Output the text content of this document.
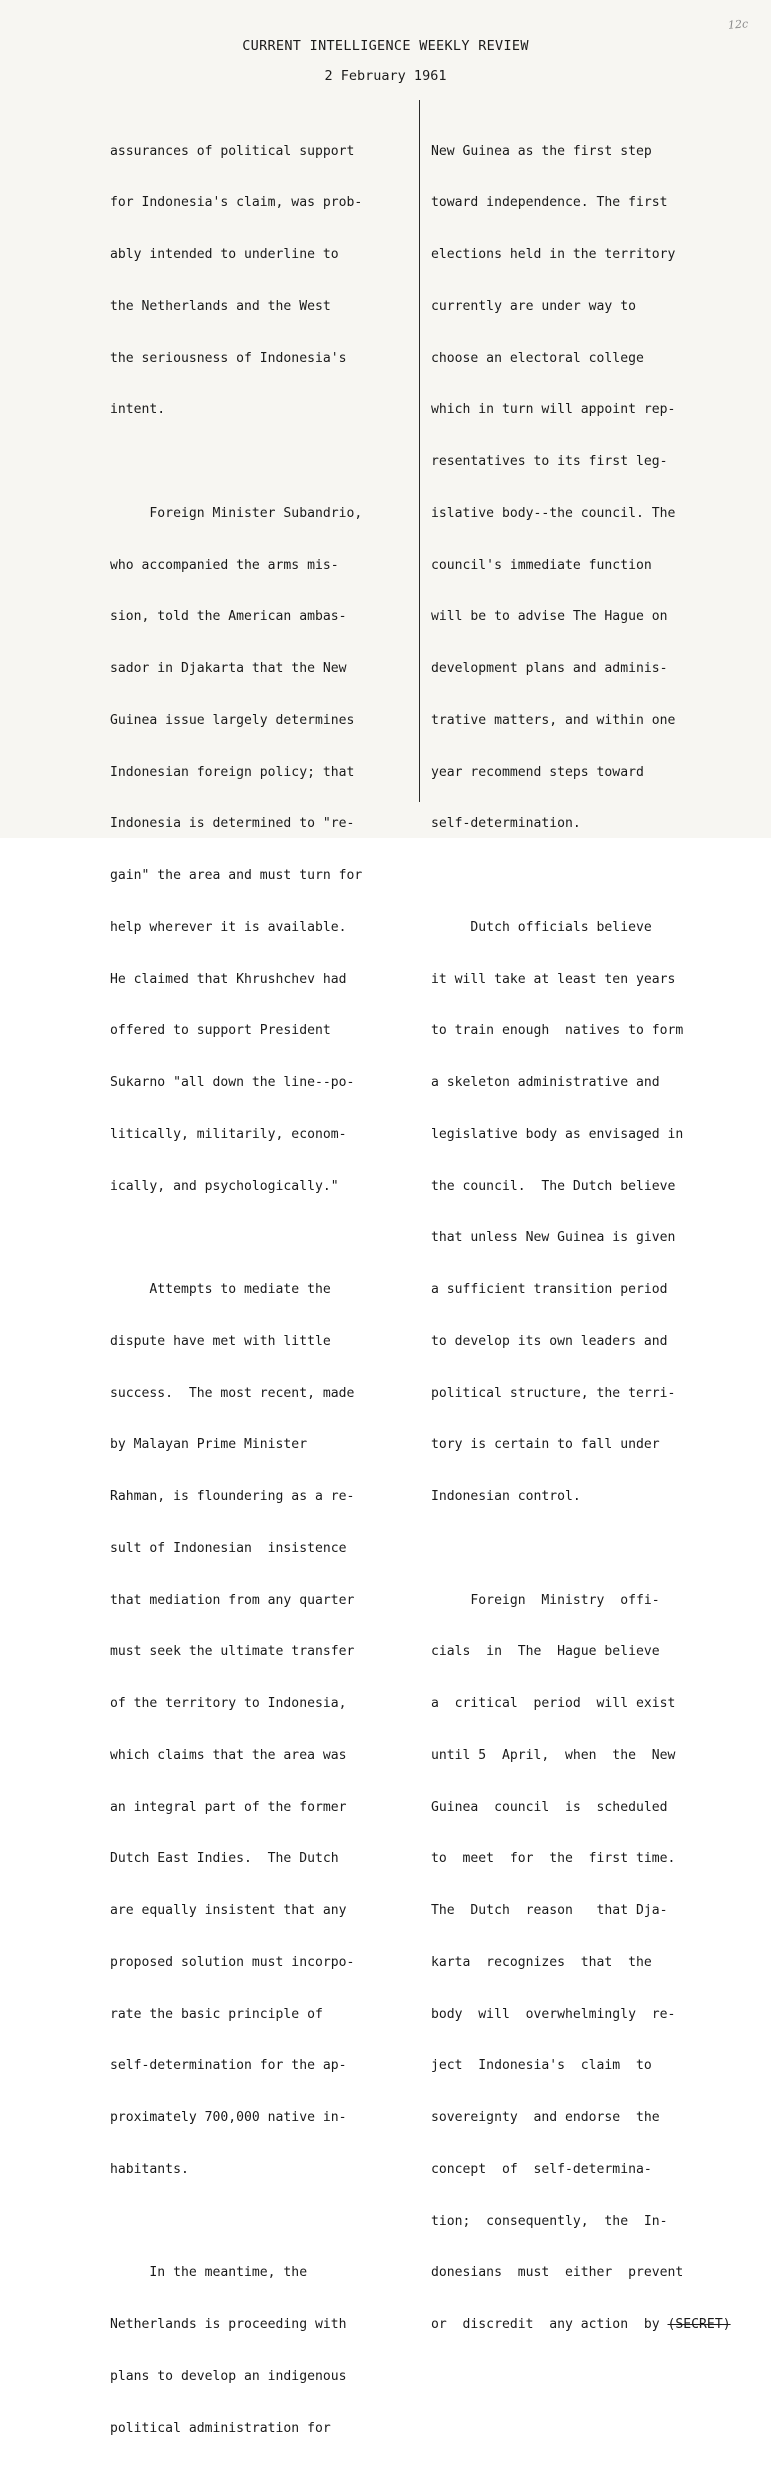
12c
CURRENT INTELLIGENCE WEEKLY REVIEW
2 February 1961

assurances of political support

for Indonesia's claim, was prob-

ably intended to underline to

the Netherlands and the West

the seriousness of Indonesia's

intent.

Foreign Minister Subandrio,

who accompanied the arms mis-

sion, told the American ambas-

sador in Djakarta that the New

Guinea issue largely determines

Indonesian foreign policy; that

Indonesia is determined to "re-

gain" the area and must turn for

help wherever it is available.

He claimed that Khrushchev had

offered to support President

Sukarno "all down the line--po-

litically, militarily, econom-

ically, and psychologically."

Attempts to mediate the

dispute have met with little

success.  The most recent, made

by Malayan Prime Minister

Rahman, is floundering as a re-

sult of Indonesian  insistence

that mediation from any quarter

must seek the ultimate transfer

of the territory to Indonesia,

which claims that the area was

an integral part of the former

Dutch East Indies.  The Dutch

are equally insistent that any

proposed solution must incorpo-

rate the basic principle of

self-determination for the ap-

proximately 700,000 native in-

habitants.

In the meantime, the

Netherlands is proceeding with

plans to develop an indigenous

political administration for

New Guinea as the first step

toward independence. The first

elections held in the territory

currently are under way to

choose an electoral college

which in turn will appoint rep-

resentatives to its first leg-

islative body--the council. The

council's immediate function

will be to advise The Hague on

development plans and adminis-

trative matters, and within one

year recommend steps toward

self-determination.

Dutch officials believe

it will take at least ten years

to train enough  natives to form

a skeleton administrative and

legislative body as envisaged in

the council.  The Dutch believe

that unless New Guinea is given

a sufficient transition period

to develop its own leaders and

political structure, the terri-

tory is certain to fall under

Indonesian control.

Foreign  Ministry  offi-

cials  in  The  Hague believe

a  critical  period  will exist

until 5  April,  when  the  New

Guinea  council  is  scheduled

to  meet  for  the  first time.

The  Dutch  reason   that Dja-

karta  recognizes  that  the

body  will  overwhelmingly  re-

ject  Indonesia's  claim  to

sovereignty  and endorse  the

concept  of  self-determina-

tion;  consequently,  the  In-

donesians  must  either  prevent

or  discredit  any action  by (SECRET)
